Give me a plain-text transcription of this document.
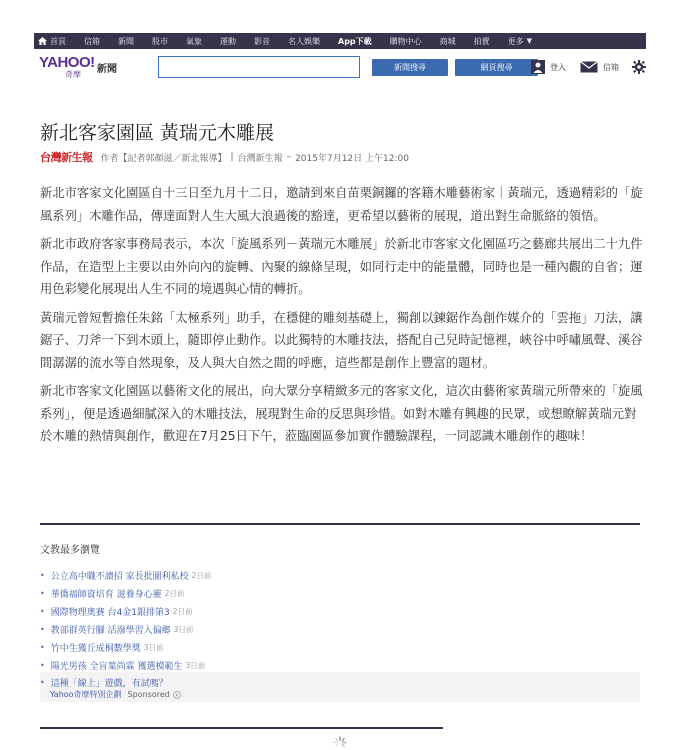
首頁 信箱 新聞 股市 氣象 運動 影音 名人娛樂 App下載 購物中心 商城 拍賣 更多 ▼
YAHOO!
奇摩 新聞	新聞搜尋	網頁搜尋	登入	信箱
新北客家園區 黃瑞元木雕展
台灣新生報 作者【記者郭顏滋／新北報導】 | 台灣新生報 – 2015年7月12日 上午12:00

新北市客家文化園區自十三日至九月十二日，邀請到來自苗栗銅鑼的客籍木雕藝術家｜黃瑞元，透過精彩的「旋風系列」木雕作品，傳達面對人生大風大浪過後的豁達，更希望以藝術的展現，道出對生命脈絡的領悟。

新北市政府客家事務局表示，本次「旋風系列－黃瑞元木雕展」於新北市客家文化園區巧之藝廊共展出二十九件作品，在造型上主要以由外向內的旋轉、內聚的線條呈現，如同行走中的能量體，同時也是一種內觀的自省；運用色彩變化展現出人生不同的境遇與心情的轉折。

黃瑞元曾短暫擔任朱銘「太極系列」助手，在穩健的雕刻基礎上，獨創以鍊鋸作為創作媒介的「雲拖」刀法，讓鋸子、刀斧一下到木頭上，隨即停止動作。以此獨特的木雕技法，搭配自己兒時記憶裡，峽谷中呼嘯風聲、溪谷間潺潺的流水等自然現象，及人與大自然之間的呼應，這些都是創作上豐富的題材。

新北市客家文化園區以藝術文化的展出，向大眾分享精緻多元的客家文化，這次由藝術家黃瑞元所帶來的「旋風系列」，便是透過細膩深入的木雕技法，展現對生命的反思與珍惜。如對木雕有興趣的民眾，或想瞭解黃瑞元對於木雕的熱情與創作，歡迎在7月25日下午，蒞臨園區參加實作體驗課程，一同認識木雕創作的趣味！

文教最多瀏覽
• 公立高中職不讀招 家長批圖利私校 2日前
• 華僑福師資培育 滋養身心靈 2日前
• 國際物理奧賽 台4金1銀排第3 2日前
• 教部群英行腳 活潑學習入偏鄉 3日前
• 竹中生獲丘成桐數學獎 3日前
• 陽光男孩 全盲葉尚霖 獲選模範生 3日前
• 這種「線上」遊戲，有試嗎？
Yahoo奇摩特別企劃 Sponsored
